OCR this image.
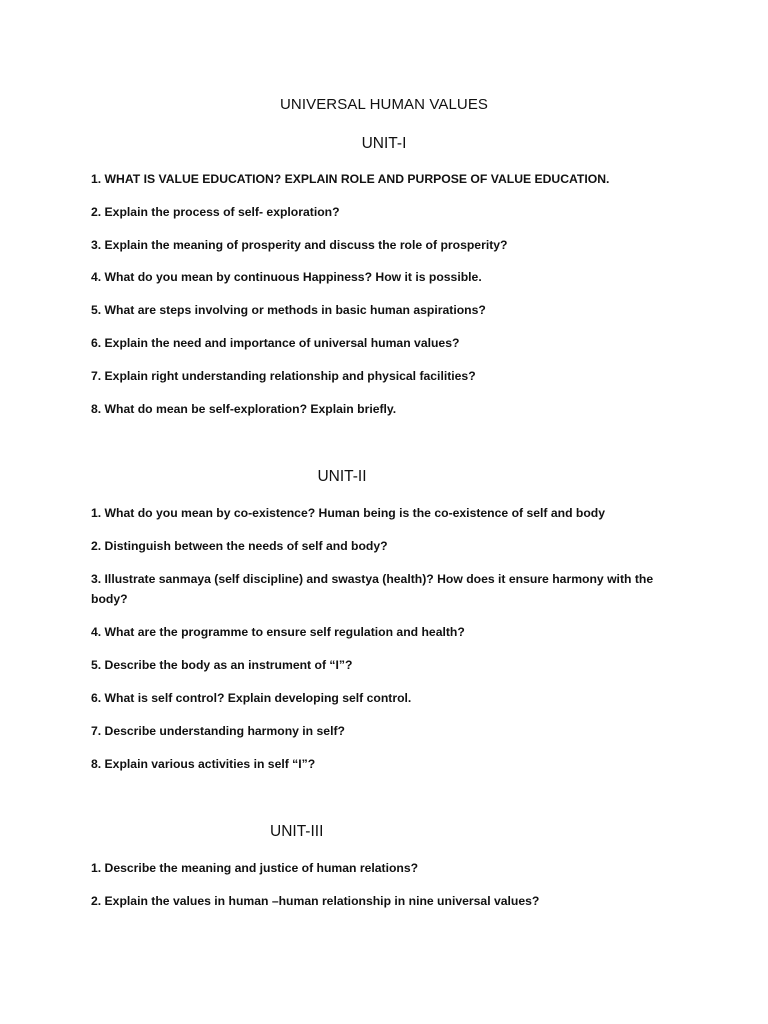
UNIVERSAL HUMAN VALUES
UNIT-I
1. WHAT IS VALUE EDUCATION? EXPLAIN ROLE AND PURPOSE OF VALUE EDUCATION.
2. Explain the process of self- exploration?
3. Explain the meaning of prosperity and discuss the role of prosperity?
4. What do you mean by continuous Happiness? How it is possible.
5. What are steps involving or methods in basic human aspirations?
6. Explain the need and importance of universal human values?
7. Explain right understanding relationship and physical facilities?
8. What do mean be self-exploration? Explain briefly.
UNIT-II
1. What do you mean by co-existence? Human being is the co-existence of self and body
2. Distinguish between the needs of self and body?
3. Illustrate sanmaya (self discipline) and swastya (health)? How does it ensure harmony with the body?
4. What are the programme to ensure self regulation and health?
5. Describe the body as an instrument of “I”?
6. What is self control? Explain developing self control.
7. Describe understanding harmony in self?
8. Explain various activities in self “I”?
UNIT-III
1. Describe the meaning and justice of human relations?
2. Explain the values in human –human relationship in nine universal values?
